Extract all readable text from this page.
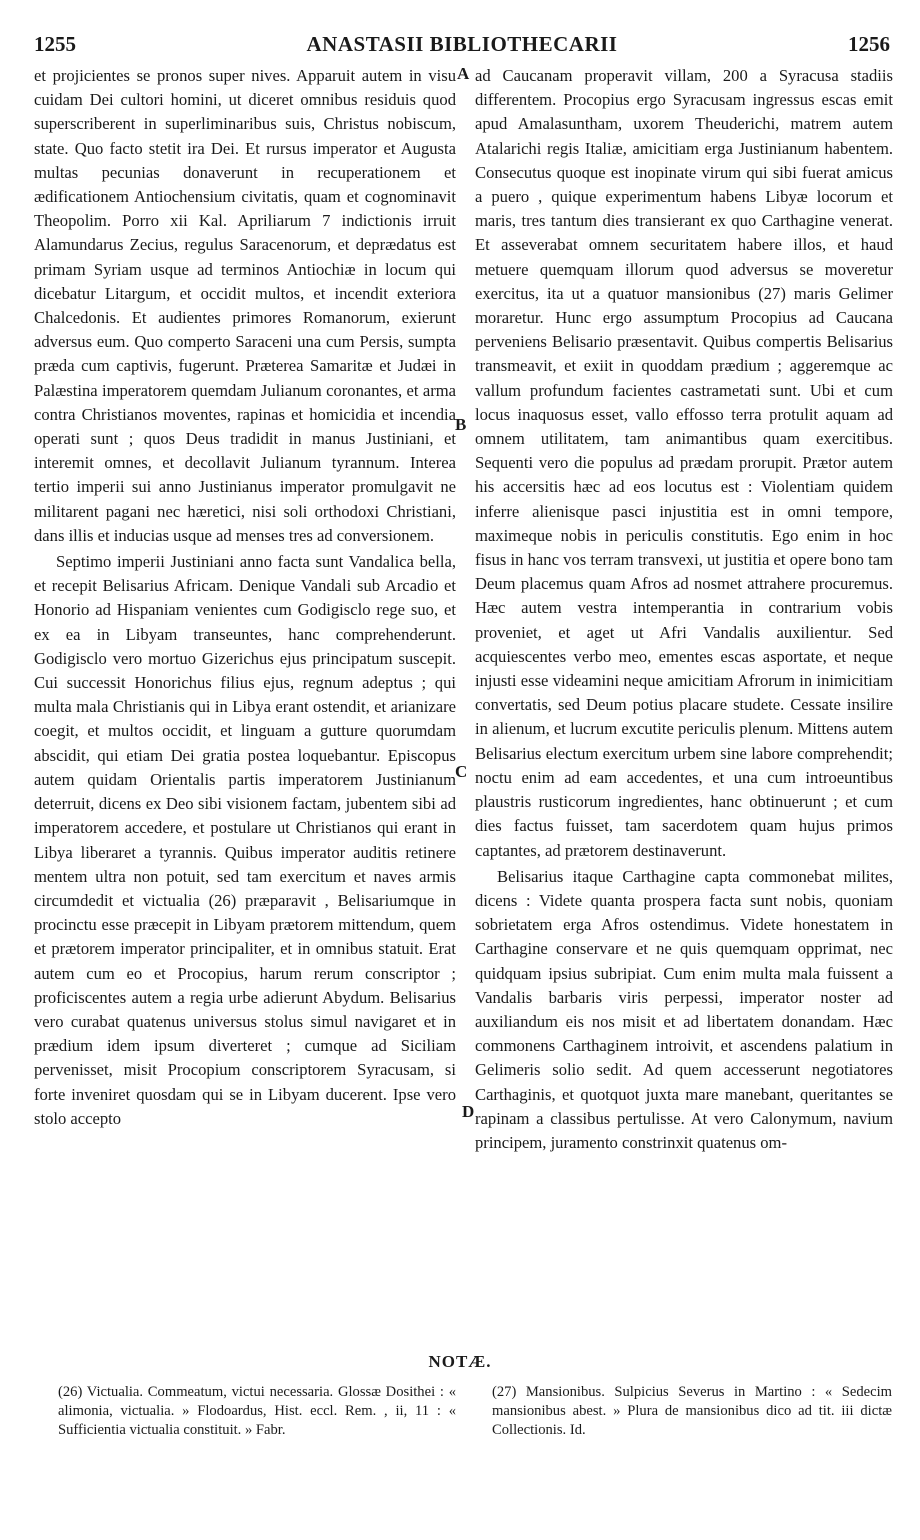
1255	ANASTASII BIBLIOTHECARII	1256

et projicientes se pronos super nives. Apparuit autem in visu cuidam Dei cultori homini, ut diceret omnibus residuis quod superscriberent in superliminaribus suis, Christus nobiscum, state. Quo facto stetit ira Dei. Et rursus imperator et Augusta multas pecunias donaverunt in recuperationem et ædificationem Antiochensium civitatis, quam et cognominavit Theopolim. Porro xii Kal. Apriliarum 7 indictionis irruit Alamundarus Zecius, regulus Saracenorum, et deprædatus est primam Syriam usque ad terminos Antiochiæ in locum qui dicebatur Litargum, et occidit multos, et incendit exteriora Chalcedonis. Et audientes primores Romanorum, exierunt adversus eum. Quo comperto Saraceni una cum Persis, sumpta præda cum captivis, fugerunt. Præterea Samaritæ et Judæi in Palæstina imperatorem quemdam Julianum coronantes, et arma contra Christianos moventes, rapinas et homicidia et incendia operati sunt ; quos Deus tradidit in manus Justiniani, et interemit omnes, et decollavit Julianum tyrannum. Interea tertio imperii sui anno Justinianus imperator promulgavit ne militarent pagani nec hæretici, nisi soli orthodoxi Christiani, dans illis et inducias usque ad menses tres ad conversionem.

Septimo imperii Justiniani anno facta sunt Vandalica bella, et recepit Belisarius Africam. Denique Vandali sub Arcadio et Honorio ad Hispaniam venientes cum Godigisclo rege suo, et ex ea in Libyam transeuntes, hanc comprehenderunt. Godigisclo vero mortuo Gizerichus ejus principatum suscepit. Cui successit Honorichus filius ejus, regnum adeptus ; qui multa mala Christianis qui in Libya erant ostendit, et arianizare coegit, et multos occidit, et linguam a gutture quorumdam abscidit, qui etiam Dei gratia postea loquebantur. Episcopus autem quidam Orientalis partis imperatorem Justinianum deterruit, dicens ex Deo sibi visionem factam, jubentem sibi ad imperatorem accedere, et postulare ut Christianos qui erant in Libya liberaret a tyrannis. Quibus imperator auditis retinere mentem ultra non potuit, sed tam exercitum et naves armis circumdedit et victualia (26) præparavit , Belisariumque in procinctu esse præcepit in Libyam prætorem mittendum, quem et prætorem imperator principaliter, et in omnibus statuit. Erat autem cum eo et Procopius, harum rerum conscriptor ; proficiscentes autem a regia urbe adierunt Abydum. Belisarius vero curabat quatenus universus stolus simul navigaret et in prædium idem ipsum diverteret ; cumque ad Siciliam pervenisset, misit Procopium conscriptorem Syracusam, si forte inveniret quosdam qui se in Libyam ducerent. Ipse vero stolo accepto

ad Caucanam properavit villam, 200 a Syracusa stadiis differentem. Procopius ergo Syracusam ingressus escas emit apud Amalasuntham, uxorem Theuderichi, matrem autem Atalarichi regis Italiæ, amicitiam erga Justinianum habentem. Consecutus quoque est inopinate virum qui sibi fuerat amicus a puero , quique experimentum habens Libyæ locorum et maris, tres tantum dies transierant ex quo Carthagine venerat. Et asseverabat omnem securitatem habere illos, et haud metuere quemquam illorum quod adversus se moveretur exercitus, ita ut a quatuor mansionibus (27) maris Gelimer moraretur. Hunc ergo assumptum Procopius ad Caucana perveniens Belisario præsentavit. Quibus compertis Belisarius transmeavit, et exiit in quoddam prædium ; aggeremque ac vallum profundum facientes castrametati sunt. Ubi et cum locus inaquosus esset, vallo effosso terra protulit aquam ad omnem utilitatem, tam animantibus quam exercitibus. Sequenti vero die populus ad prædam prorupit. Prætor autem his accersitis hæc ad eos locutus est : Violentiam quidem inferre alienisque pasci injustitia est in omni tempore, maximeque nobis in periculis constitutis. Ego enim in hoc fisus in hanc vos terram transvexi, ut justitia et opere bono tam Deum placemus quam Afros ad nosmet attrahere procuremus. Hæc autem vestra intemperantia in contrarium vobis proveniet, et aget ut Afri Vandalis auxilientur. Sed acquiescentes verbo meo, ementes escas asportate, et neque injusti esse videamini neque amicitiam Afrorum in inimicitiam convertatis, sed Deum potius placare studete. Cessate insilire in alienum, et lucrum excutite periculis plenum. Mittens autem Belisarius electum exercitum urbem sine labore comprehendit; noctu enim ad eam accedentes, et una cum introeuntibus plaustris rusticorum ingredientes, hanc obtinuerunt ; et cum dies factus fuisset, tam sacerdotem quam hujus primos captantes, ad prætorem destinaverunt.

Belisarius itaque Carthagine capta commonebat milites, dicens : Videte quanta prospera facta sunt nobis, quoniam sobrietatem erga Afros ostendimus. Videte honestatem in Carthagine conservare et ne quis quemquam opprimat, nec quidquam ipsius subripiat. Cum enim multa mala fuissent a Vandalis barbaris viris perpessi, imperator noster ad auxiliandum eis nos misit et ad libertatem donandam. Hæc commonens Carthaginem introivit, et ascendens palatium in Gelimeris solio sedit. Ad quem accesserunt negotiatores Carthaginis, et quotquot juxta mare manebant, queritantes se rapinam a classibus pertulisse. At vero Calonymum, navium principem, juramento constrinxit quatenus om-

A
B
C
D
NOTÆ.

(26) Victualia. Commeatum, victui necessaria. Glossæ Dosithei : « alimonia, victualia. » Flodoardus, Hist. eccl. Rem. , ii, 11 : « Sufficientia victualia constituit. » Fabr.

(27) Mansionibus. Sulpicius Severus in Martino : « Sedecim mansionibus abest. » Plura de mansionibus dico ad tit. iii dictæ Collectionis. Id.
